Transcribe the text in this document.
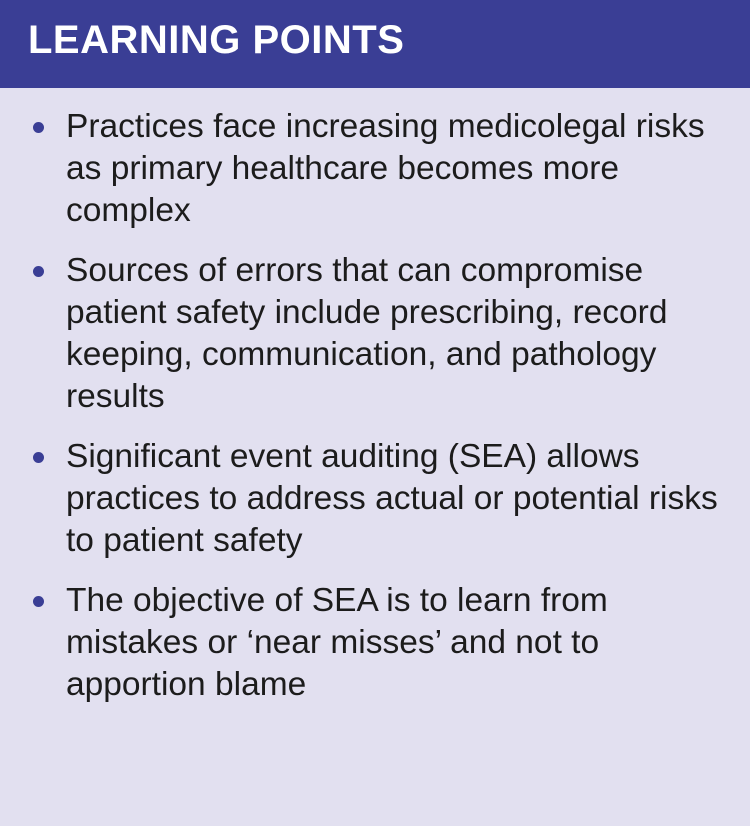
LEARNING POINTS
Practices face increasing medicolegal risks as primary healthcare becomes more complex
Sources of errors that can compromise patient safety include prescribing, record keeping, communication, and pathology results
Significant event auditing (SEA) allows practices to address actual or potential risks to patient safety
The objective of SEA is to learn from mistakes or ‘near misses’ and not to apportion blame
